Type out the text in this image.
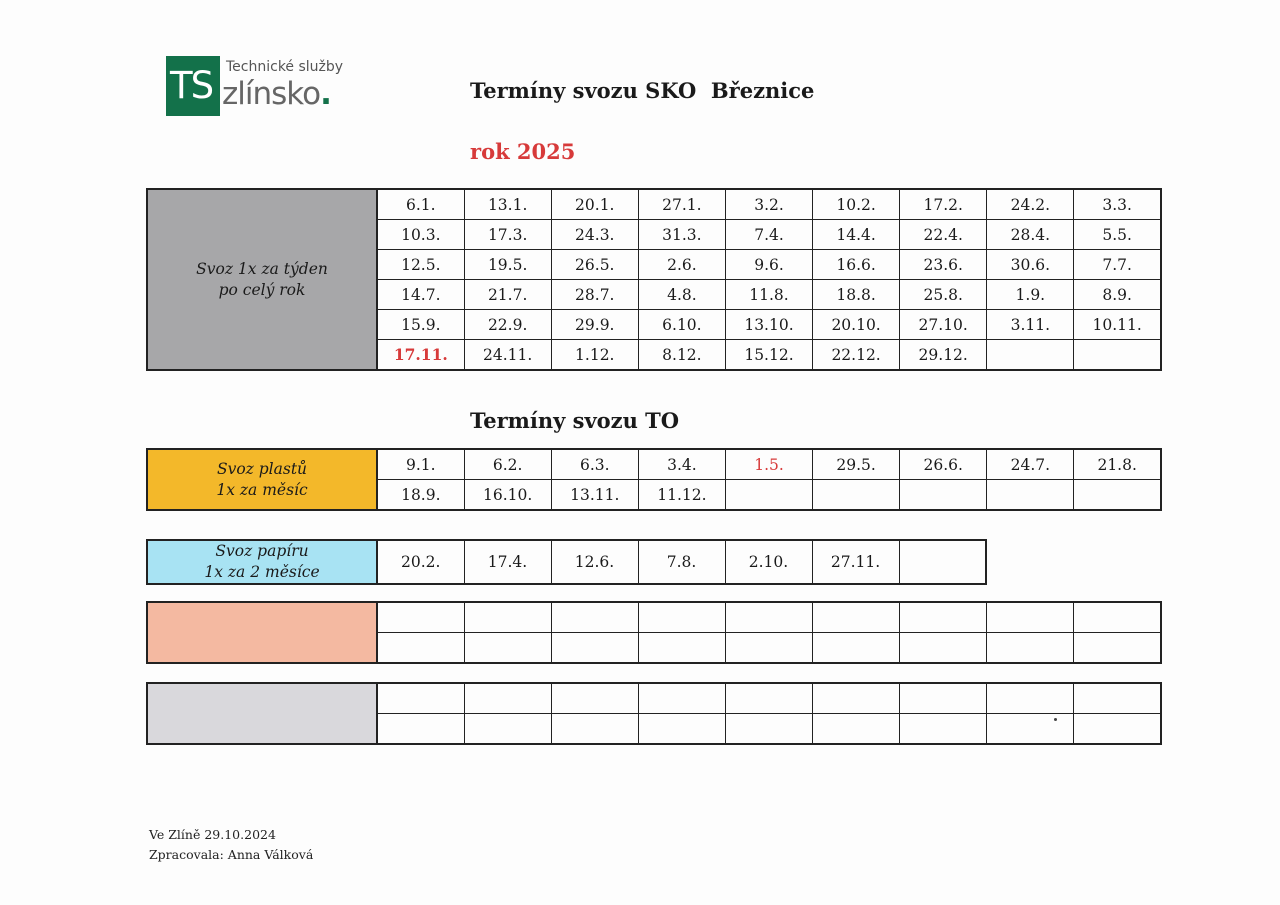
TS Technické služby
zlínsko.	Termíny svozu SKO  Březnice
rok 2025
Termíny svozu TO
Svoz 1x za týden
po celý rok	6.1.	13.1.	20.1.	27.1.	3.2.	10.2.	17.2.	24.2.	3.3.
	10.3.	17.3.	24.3.	31.3.	7.4.	14.4.	22.4.	28.4.	5.5.
	12.5.	19.5.	26.5.	2.6.	9.6.	16.6.	23.6.	30.6.	7.7.
	14.7.	21.7.	28.7.	4.8.	11.8.	18.8.	25.8.	1.9.	8.9.
	15.9.	22.9.	29.9.	6.10.	13.10.	20.10.	27.10.	3.11.	10.11.
	17.11.	24.11.	1.12.	8.12.	15.12.	22.12.	29.12.		
Svoz plastů
1x za měsíc	9.1.	6.2.	6.3.	3.4.	1.5.	29.5.	26.6.	24.7.	21.8.
	18.9.	16.10.	13.11.	11.12.					
Svoz papíru
1x za 2 měsíce
	20.2.	17.4.	12.6.	7.8.	2.10.	27.11.	

Ve Zlíně 29.10.2024
Zpracovala: Anna Válková
